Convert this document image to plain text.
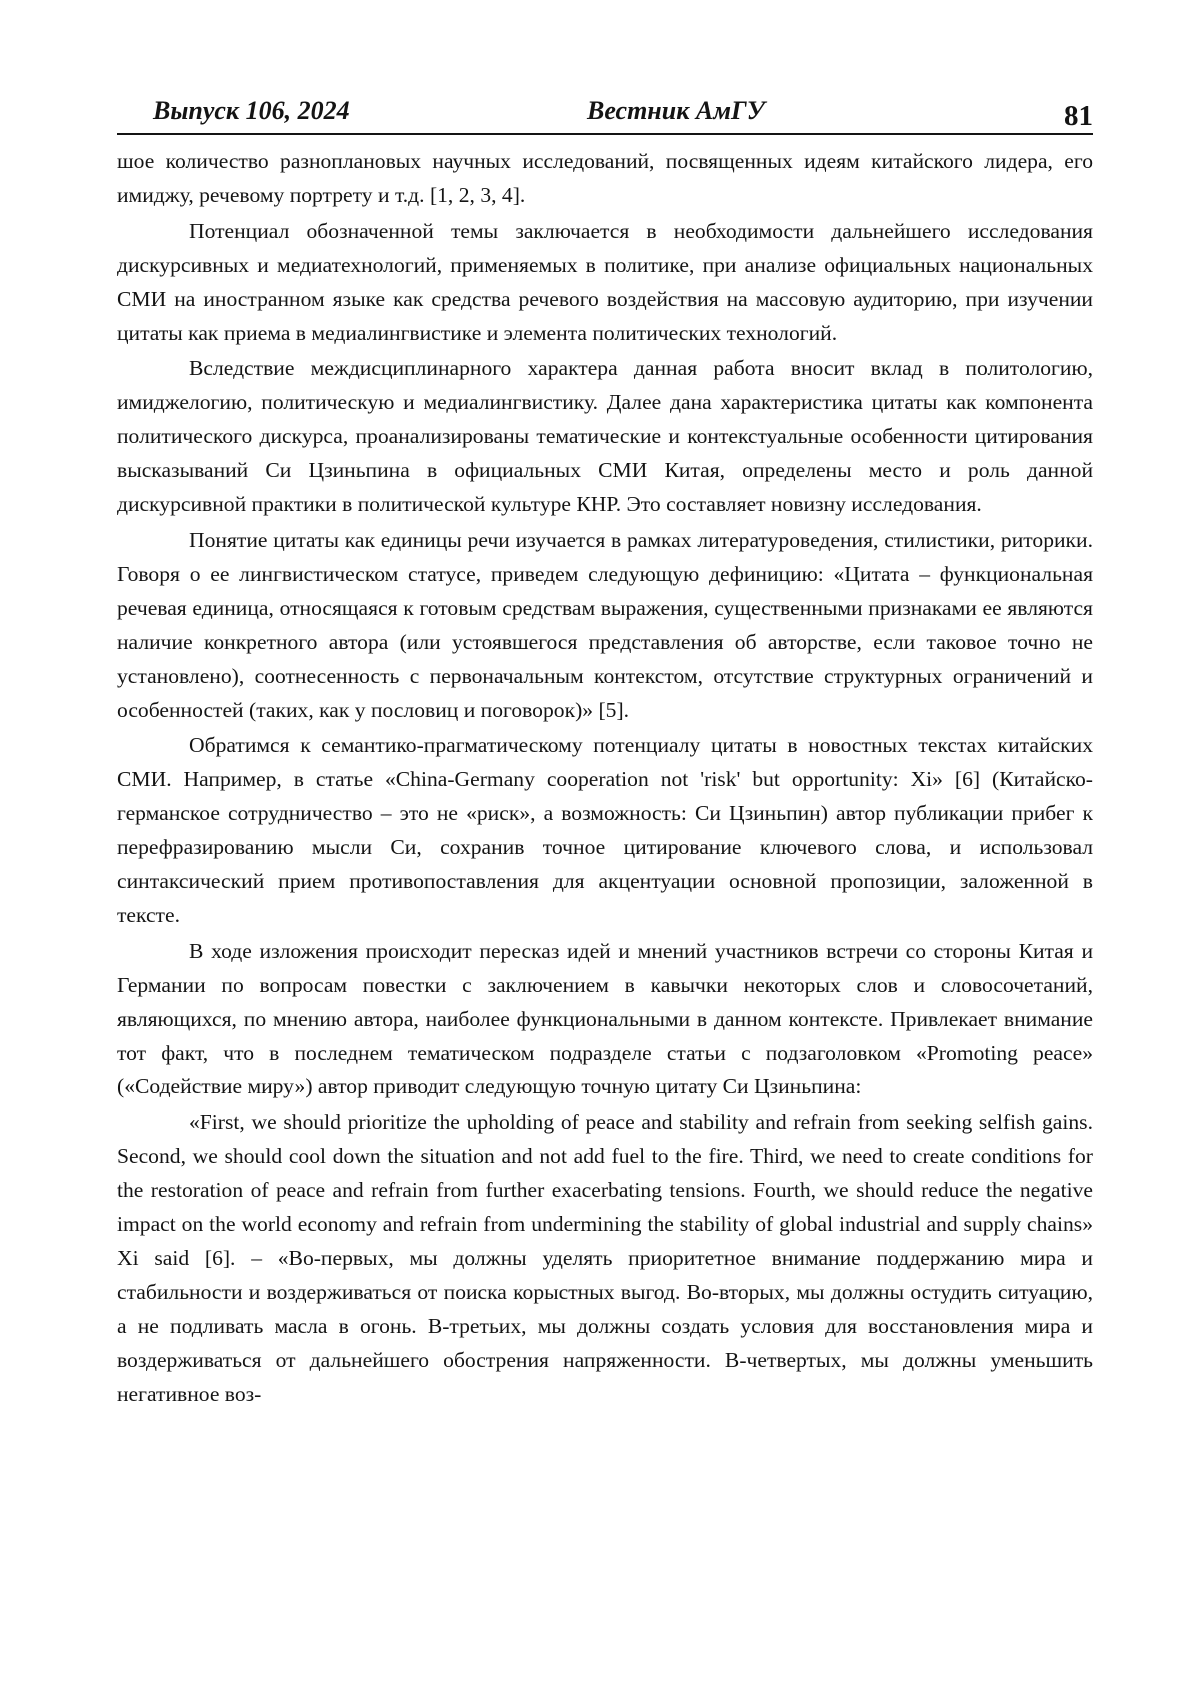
Выпуск 106, 2024	Вестник АмГУ	81

шое количество разноплановых научных исследований, посвященных идеям китайского лидера, его имиджу, речевому портрету и т.д. [1, 2, 3, 4].

Потенциал обозначенной темы заключается в необходимости дальнейшего исследования дискурсивных и медиатехнологий, применяемых в политике, при анализе официальных национальных СМИ на иностранном языке как средства речевого воздействия на массовую аудиторию, при изучении цитаты как приема в медиалингвистике и элемента политических технологий.

Вследствие междисциплинарного характера данная работа вносит вклад в политологию, имиджелогию, политическую и медиалингвистику. Далее дана характеристика цитаты как компонента политического дискурса, проанализированы тематические и контекстуальные особенности цитирования высказываний Си Цзиньпина в официальных СМИ Китая, определены место и роль данной дискурсивной практики в политической культуре КНР. Это составляет новизну исследования.

Понятие цитаты как единицы речи изучается в рамках литературоведения, стилистики, риторики. Говоря о ее лингвистическом статусе, приведем следующую дефиницию: «Цитата – функциональная речевая единица, относящаяся к готовым средствам выражения, существенными признаками ее являются наличие конкретного автора (или устоявшегося представления об авторстве, если таковое точно не установлено), соотнесенность с первоначальным контекстом, отсутствие структурных ограничений и особенностей (таких, как у пословиц и поговорок)» [5].

Обратимся к семантико-прагматическому потенциалу цитаты в новостных текстах китайских СМИ. Например, в статье «China-Germany cooperation not 'risk' but opportunity: Xi» [6] (Китайско-германское сотрудничество – это не «риск», а возможность: Си Цзиньпин) автор публикации прибег к перефразированию мысли Си, сохранив точное цитирование ключевого слова, и использовал синтаксический прием противопоставления для акцентуации основной пропозиции, заложенной в тексте.

В ходе изложения происходит пересказ идей и мнений участников встречи со стороны Китая и Германии по вопросам повестки с заключением в кавычки некоторых слов и словосочетаний, являющихся, по мнению автора, наиболее функциональными в данном контексте. Привлекает внимание тот факт, что в последнем тематическом подразделе статьи с подзаголовком «Promoting peace» («Содействие миру») автор приводит следующую точную цитату Си Цзиньпина:

«First, we should prioritize the upholding of peace and stability and refrain from seeking selfish gains. Second, we should cool down the situation and not add fuel to the fire. Third, we need to create conditions for the restoration of peace and refrain from further exacerbating tensions. Fourth, we should reduce the negative impact on the world economy and refrain from undermining the stability of global industrial and supply chains» Xi said [6]. – «Во-первых, мы должны уделять приоритетное внимание поддержанию мира и стабильности и воздерживаться от поиска корыстных выгод. Во-вторых, мы должны остудить ситуацию, а не подливать масла в огонь. В-третьих, мы должны создать условия для восстановления мира и воздерживаться от дальнейшего обострения напряженности. В-четвертых, мы должны уменьшить негативное воз-
